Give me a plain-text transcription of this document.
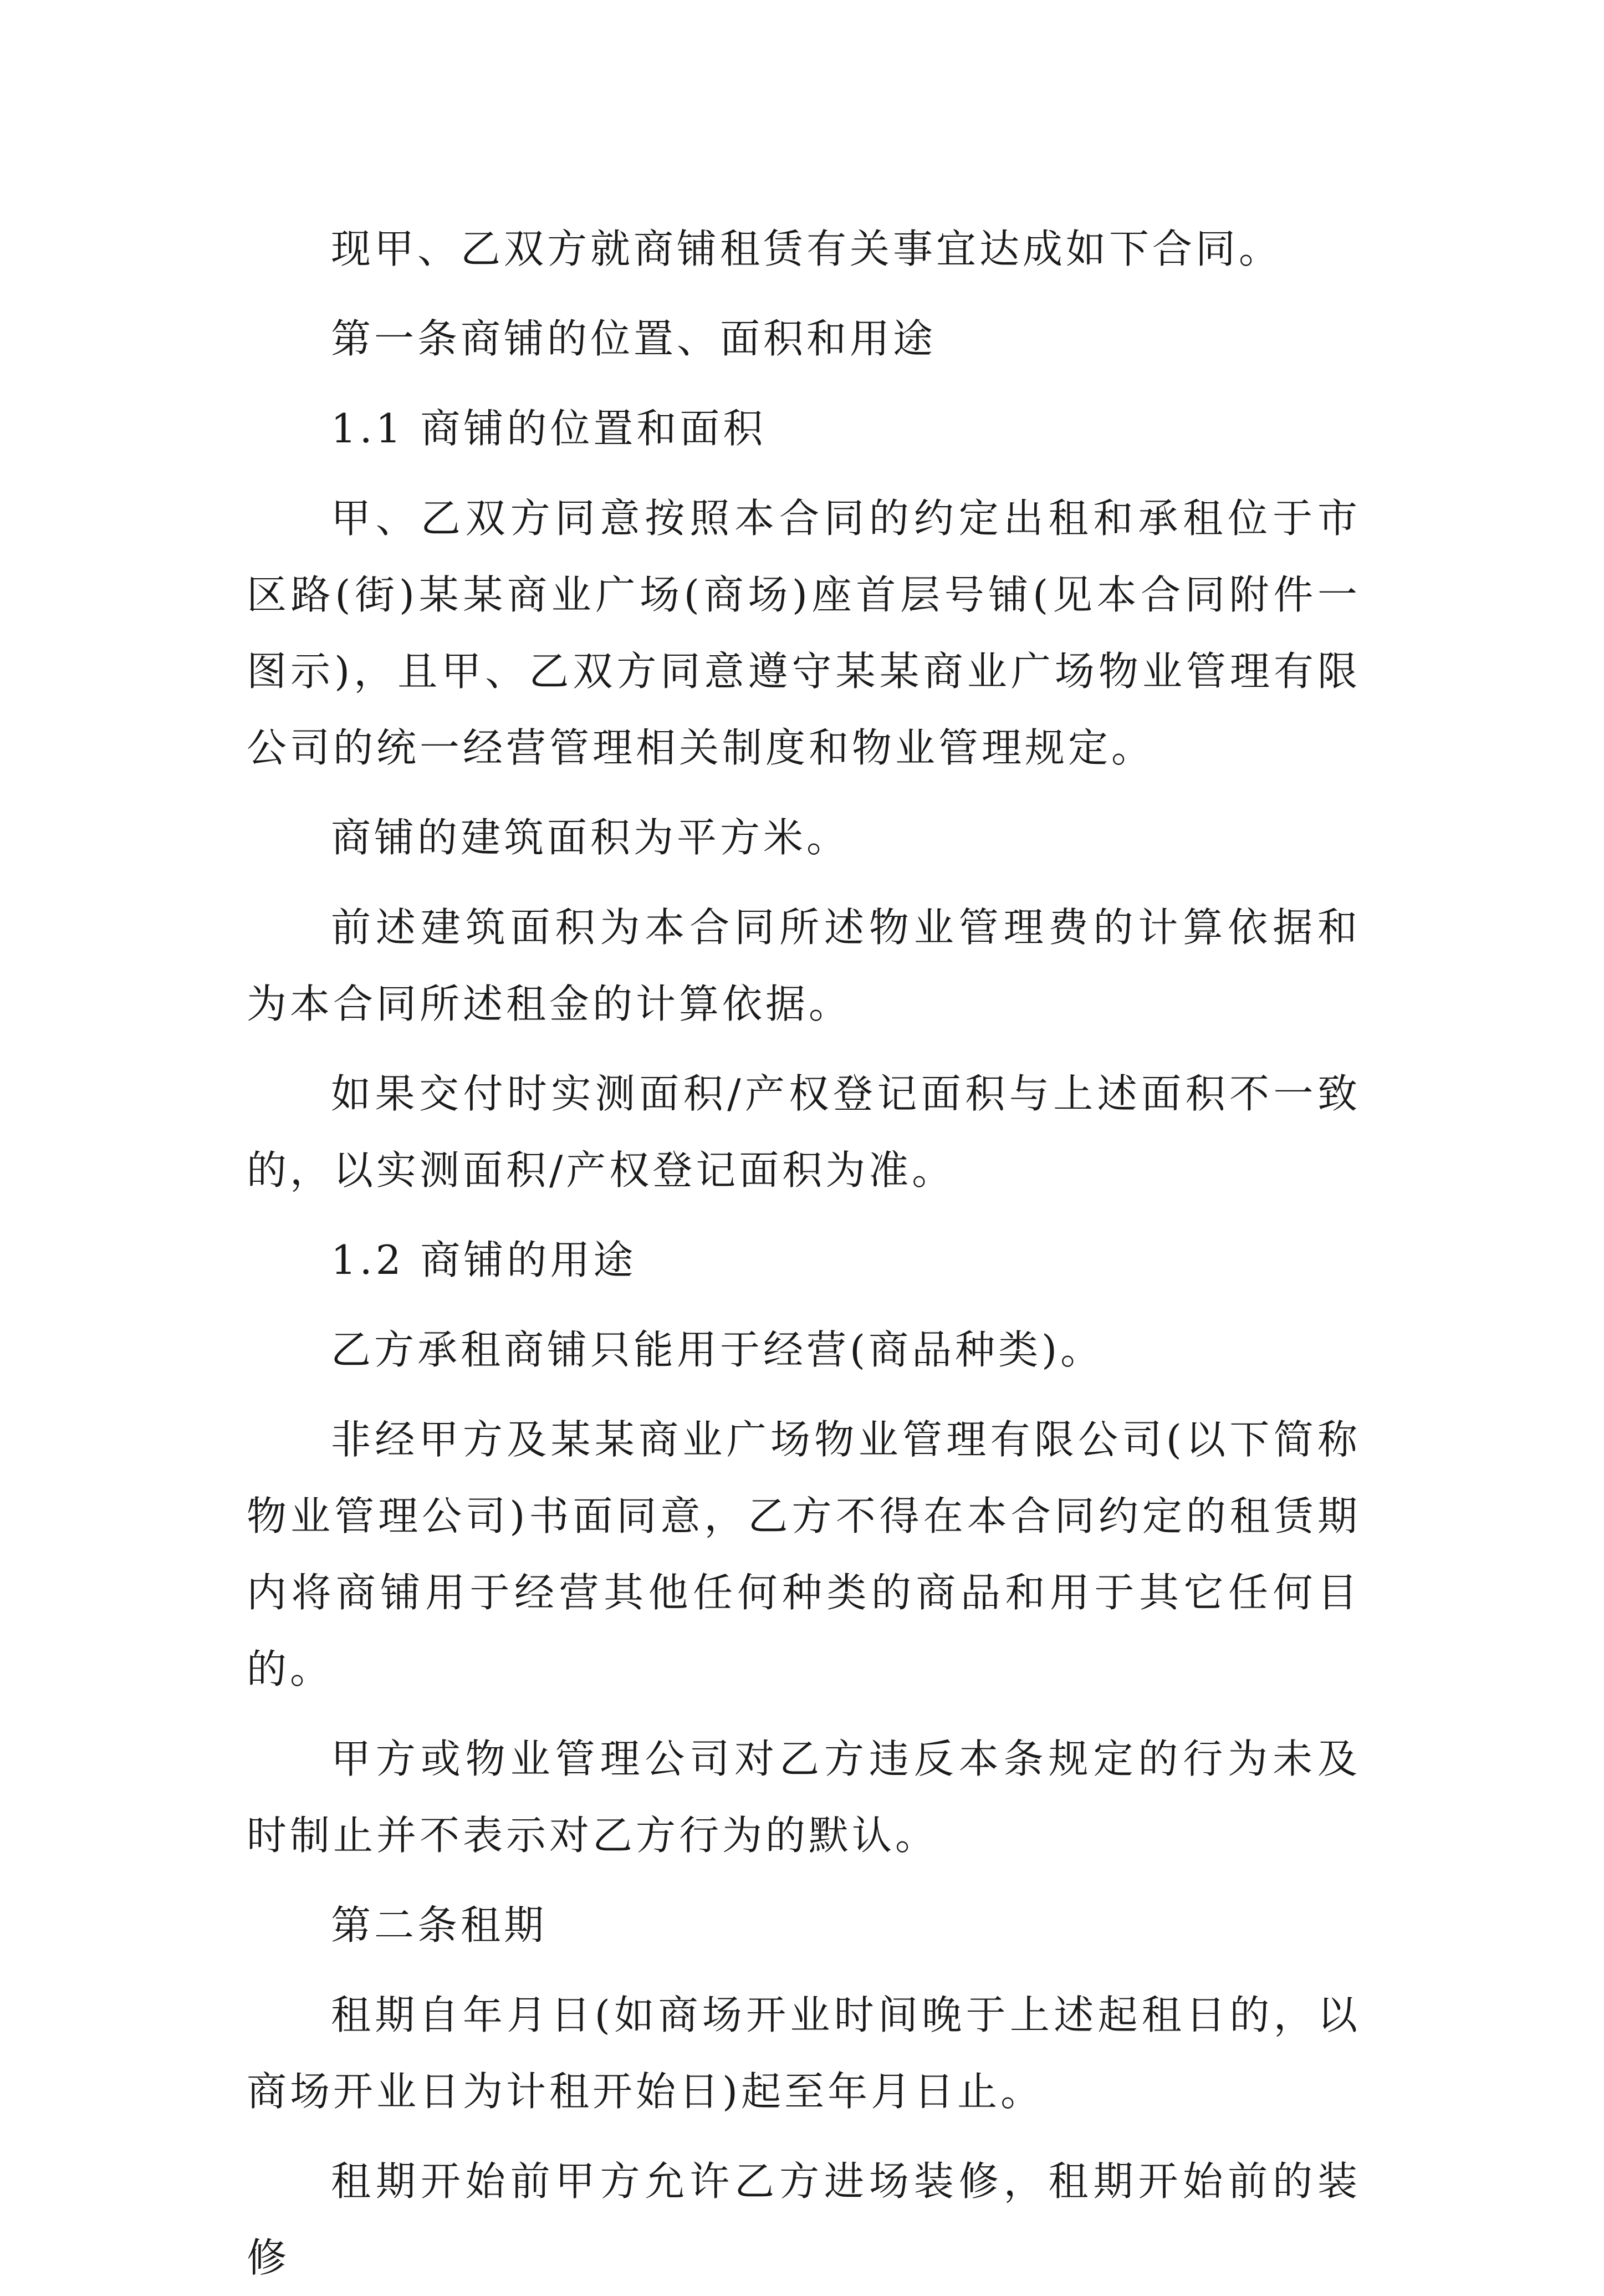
现甲、乙双方就商铺租赁有关事宜达成如下合同。

第一条商铺的位置、面积和用途

1.1 商铺的位置和面积

甲、乙双方同意按照本合同的约定出租和承租位于市区路(街)某某商业广场(商场)座首层号铺(见本合同附件一图示)，且甲、乙双方同意遵守某某商业广场物业管理有限公司的统一经营管理相关制度和物业管理规定。

商铺的建筑面积为平方米。

前述建筑面积为本合同所述物业管理费的计算依据和为本合同所述租金的计算依据。

如果交付时实测面积/产权登记面积与上述面积不一致的，以实测面积/产权登记面积为准。

1.2 商铺的用途

乙方承租商铺只能用于经营(商品种类)。

非经甲方及某某商业广场物业管理有限公司(以下简称物业管理公司)书面同意，乙方不得在本合同约定的租赁期内将商铺用于经营其他任何种类的商品和用于其它任何目的。

甲方或物业管理公司对乙方违反本条规定的行为未及时制止并不表示对乙方行为的默认。

第二条租期

租期自年月日(如商场开业时间晚于上述起租日的，以商场开业日为计租开始日)起至年月日止。

租期开始前甲方允许乙方进场装修，租期开始前的装修
